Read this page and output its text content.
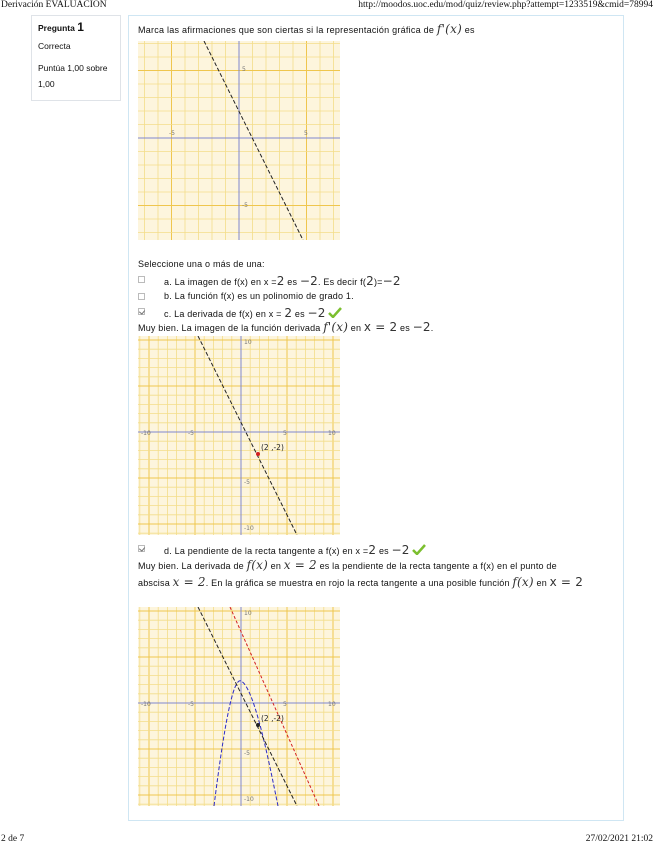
Derivación EVALUACION	http://moodos.uoc.edu/mod/quiz/review.php?attempt=1233519&cmid=78994
Pregunta 1
Correcta
Puntúa 1,00 sobre 1,00
Marca las afirmaciones que son ciertas si la representación gráfica de f'(x) es
-5	5
5
-5
Seleccione una o más de una:
a. La imagen de f(x) en x =2 es −2. Es decir f(2)=−2
b. La función f(x) es un polinomio de grado 1.
c. La derivada de f(x) en x = 2 es −2
Muy bien. La imagen de la función derivada f'(x) en x = 2 es −2.
10
-10	-5	5	10
-5
-10
(2 ,-2)
d. La pendiente de la recta tangente a f(x) en x =2 es −2
Muy bien. La derivada de f(x) en x = 2 es la pendiente de la recta tangente a f(x) en el punto de abscisa x = 2. En la gráfica se muestra en rojo la recta tangente a una posible función f(x) en x = 2
10
-10	-5	5	10
-5
-10
(2 ,-2)
2 de 7	27/02/2021 21:02
